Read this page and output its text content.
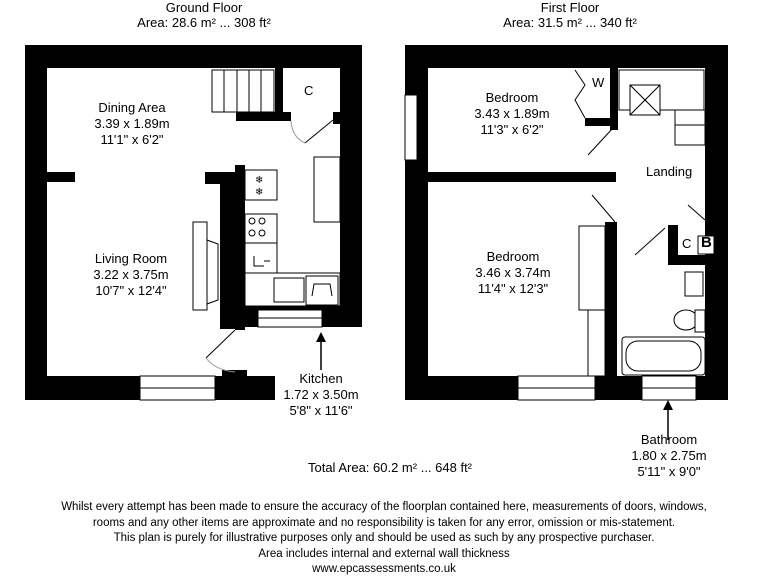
❄
❄
Ground Floor
Area: 28.6 m² ... 308 ft²
First Floor
Area: 31.5 m² ... 340 ft²
Dining Area
3.39 x 1.89m
11'1" x 6'2"
Living Room
3.22 x 3.75m
10'7" x 12'4"
Kitchen
1.72 x 3.50m
5'8" x 11'6"
C	Bedroom
3.43 x 1.89m
11'3" x 6'2"
Bedroom
3.46 x 3.74m
11'4" x 12'3"
Bathroom
1.80 x 2.75m
5'11" x 9'0"
Landing
W
C B
Total Area: 60.2 m² ... 648 ft²
Whilst every attempt has been made to ensure the accuracy of the floorplan contained here, measurements of doors, windows,
rooms and any other items are approximate and no responsibility is taken for any error, omission or mis-statement.
This plan is purely for illustrative purposes only and should be used as such by any prospective purchaser.
Area includes internal and external wall thickness
www.epcassessments.co.uk
